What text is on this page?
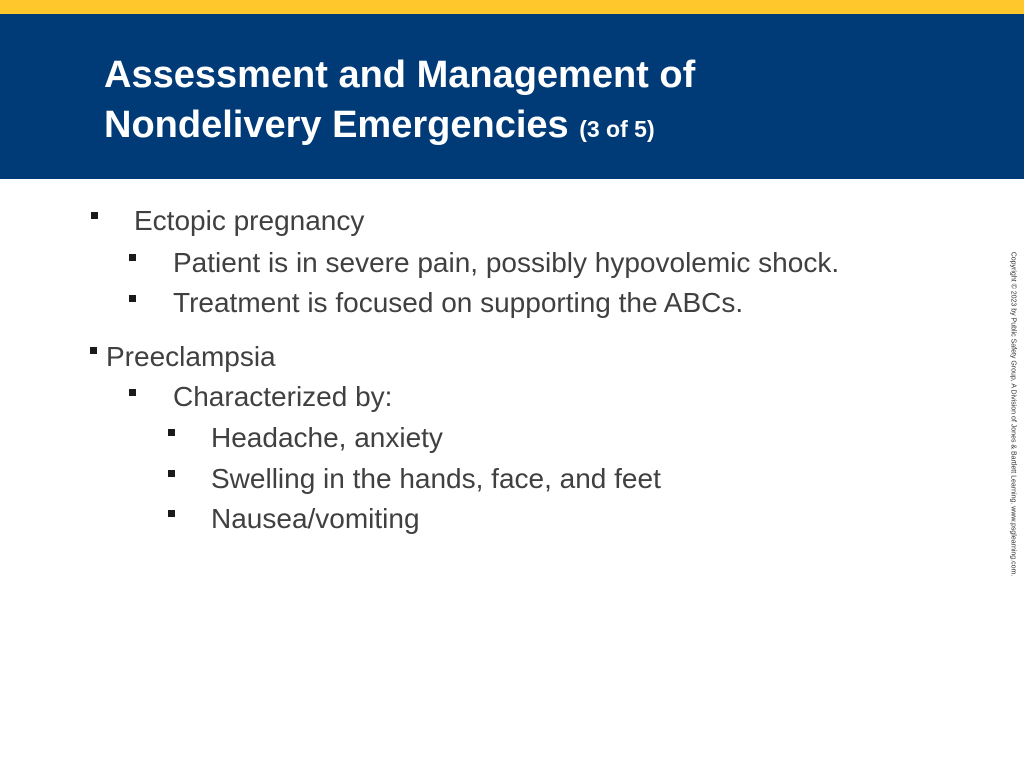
Assessment and Management of
Nondelivery Emergencies (3 of 5)
Ectopic pregnancy
Patient is in severe pain, possibly hypovolemic shock.
Treatment is focused on supporting the ABCs.
Preeclampsia
Characterized by:
Headache, anxiety
Swelling in the hands, face, and feet
Nausea/vomiting	Copyright © 2023 by Public Safety Group, A Division of Jones & Bartlett Learning. www.psglearning.com.
